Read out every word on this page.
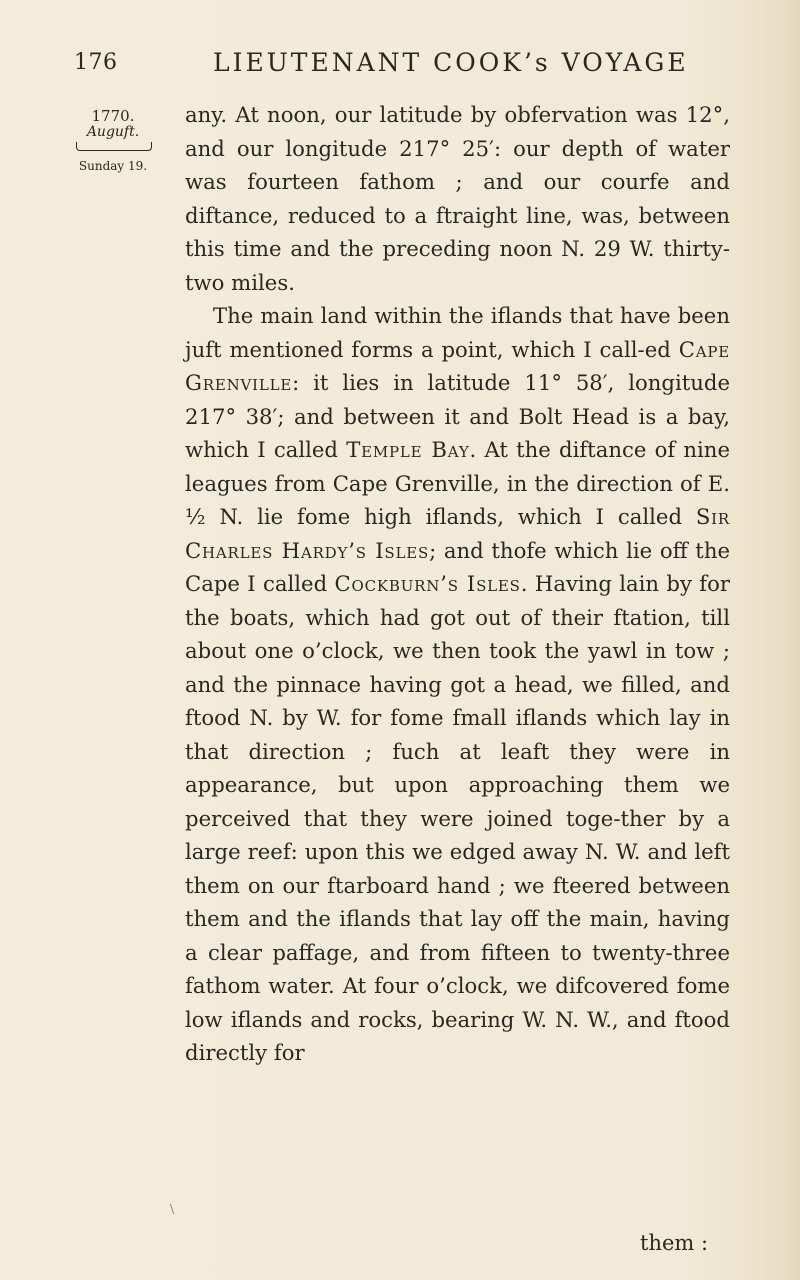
176	LIEUTENANT COOK’s VOYAGE
1770.
Auguft.
Sunday 19.

any. At noon, our latitude by obfervation was 12°, and our longitude 217° 25′: our depth of water was fourteen fathom ; and our courfe and diftance, reduced to a ftraight line, was, between this time and the preceding noon N. 29 W. thirty-two miles.

The main land within the iflands that have been juft mentioned forms a point, which I call-ed Cape Grenville: it lies in latitude 11° 58′, longitude 217° 38′; and between it and Bolt Head is a bay, which I called Temple Bay. At the diftance of nine leagues from Cape Grenville, in the direction of E. ½ N. lie fome high iflands, which I called Sir Charles Hardy’s Isles; and thofe which lie off the Cape I called Cockburn’s Isles. Having lain by for the boats, which had got out of their ftation, till about one o’clock, we then took the yawl in tow ; and the pinnace having got a head, we filled, and ftood N. by W. for fome fmall iflands which lay in that direction ; fuch at leaft they were in appearance, but upon approaching them we perceived that they were joined toge-ther by a large reef: upon this we edged away N. W. and left them on our ftarboard hand ; we fteered between them and the iflands that lay off the main, having a clear paffage, and from fifteen to twenty-three fathom water. At four o’clock, we difcovered fome low iflands and rocks, bearing W. N. W., and ftood directly for

\
them :
